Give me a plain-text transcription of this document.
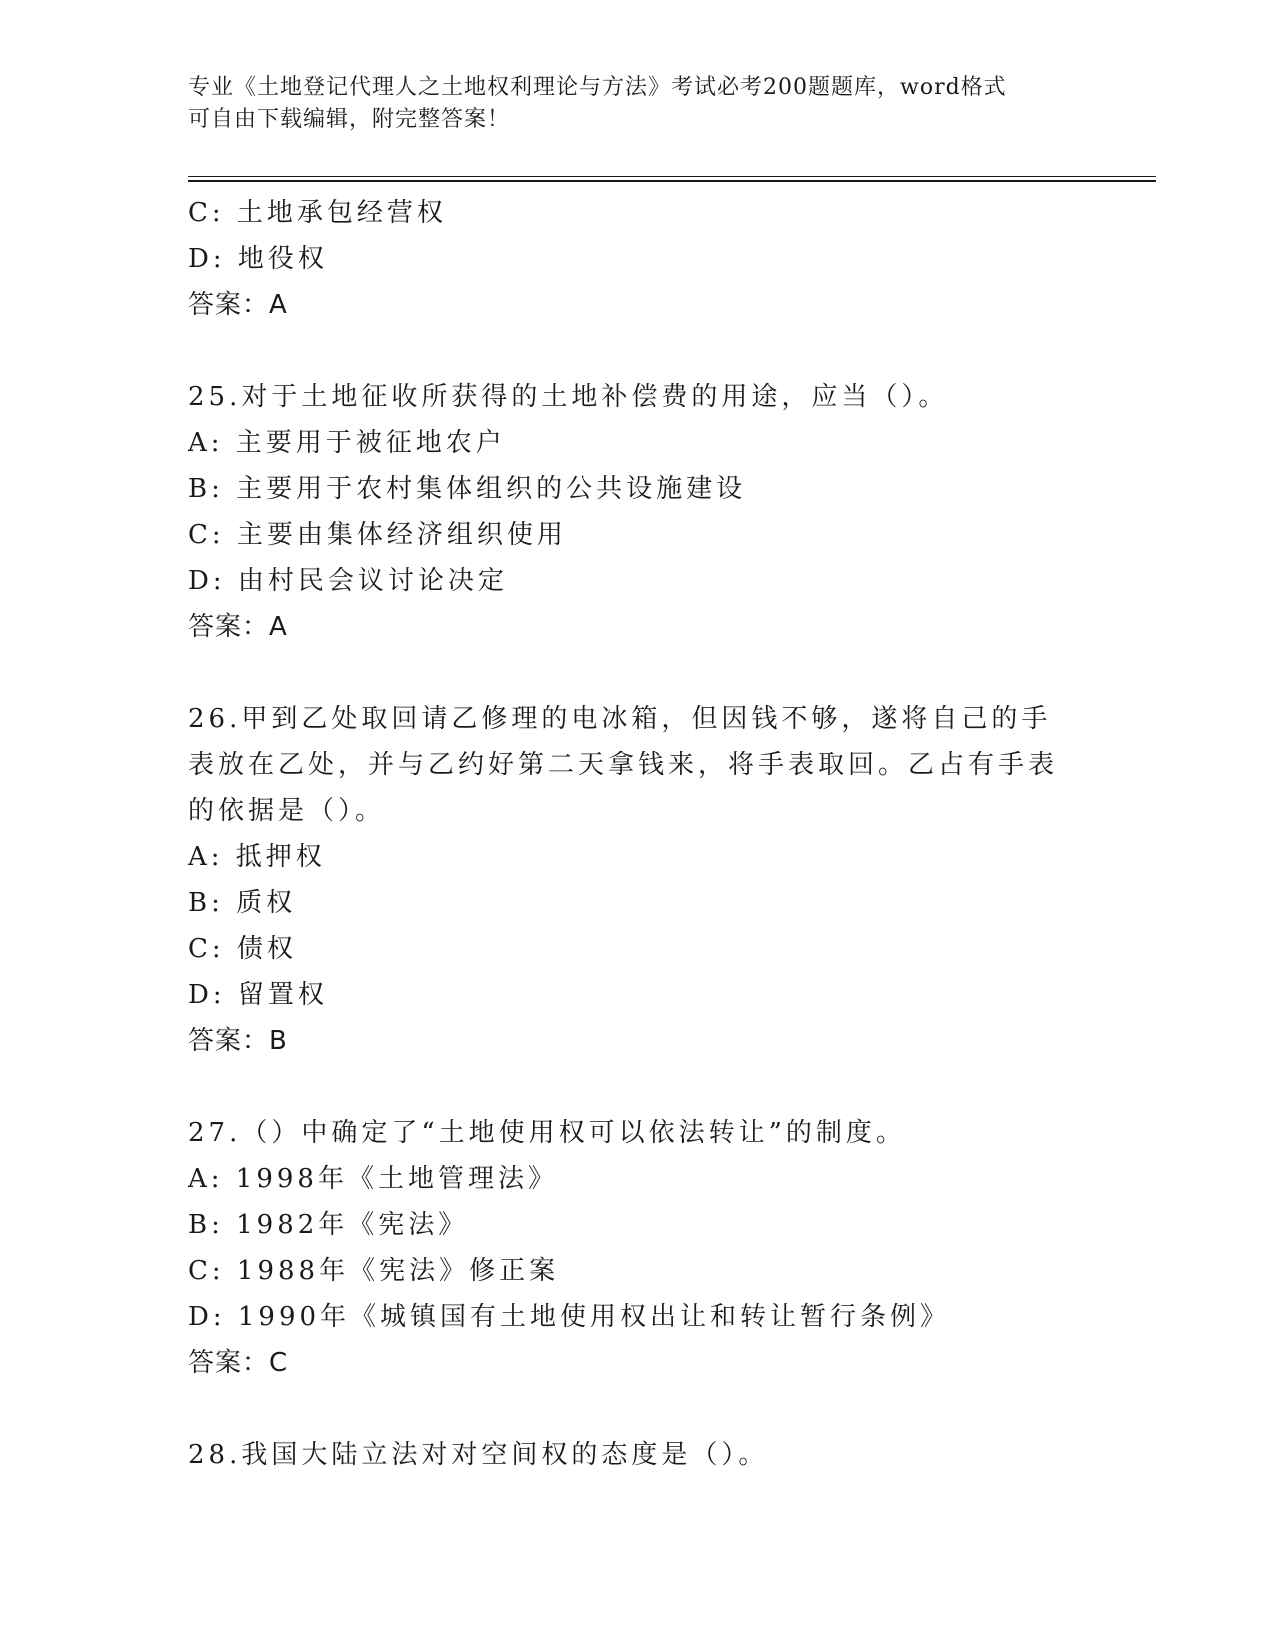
专业《土地登记代理人之土地权利理论与方法》考试必考200题题库，word格式
可自由下载编辑，附完整答案！
C: 土地承包经营权
D: 地役权
答案：A
25.对于土地征收所获得的土地补偿费的用途，应当（）。
A: 主要用于被征地农户
B: 主要用于农村集体组织的公共设施建设
C: 主要由集体经济组织使用
D: 由村民会议讨论决定
答案：A
26.甲到乙处取回请乙修理的电冰箱，但因钱不够，遂将自己的手表放在乙处，并与乙约好第二天拿钱来，将手表取回。乙占有手表的依据是（）。
A: 抵押权
B: 质权
C: 债权
D: 留置权
答案：B
27.（）中确定了“土地使用权可以依法转让”的制度。
A: 1998年《土地管理法》
B: 1982年《宪法》
C: 1988年《宪法》修正案
D: 1990年《城镇国有土地使用权出让和转让暂行条例》
答案：C
28.我国大陆立法对对空间权的态度是（）。
